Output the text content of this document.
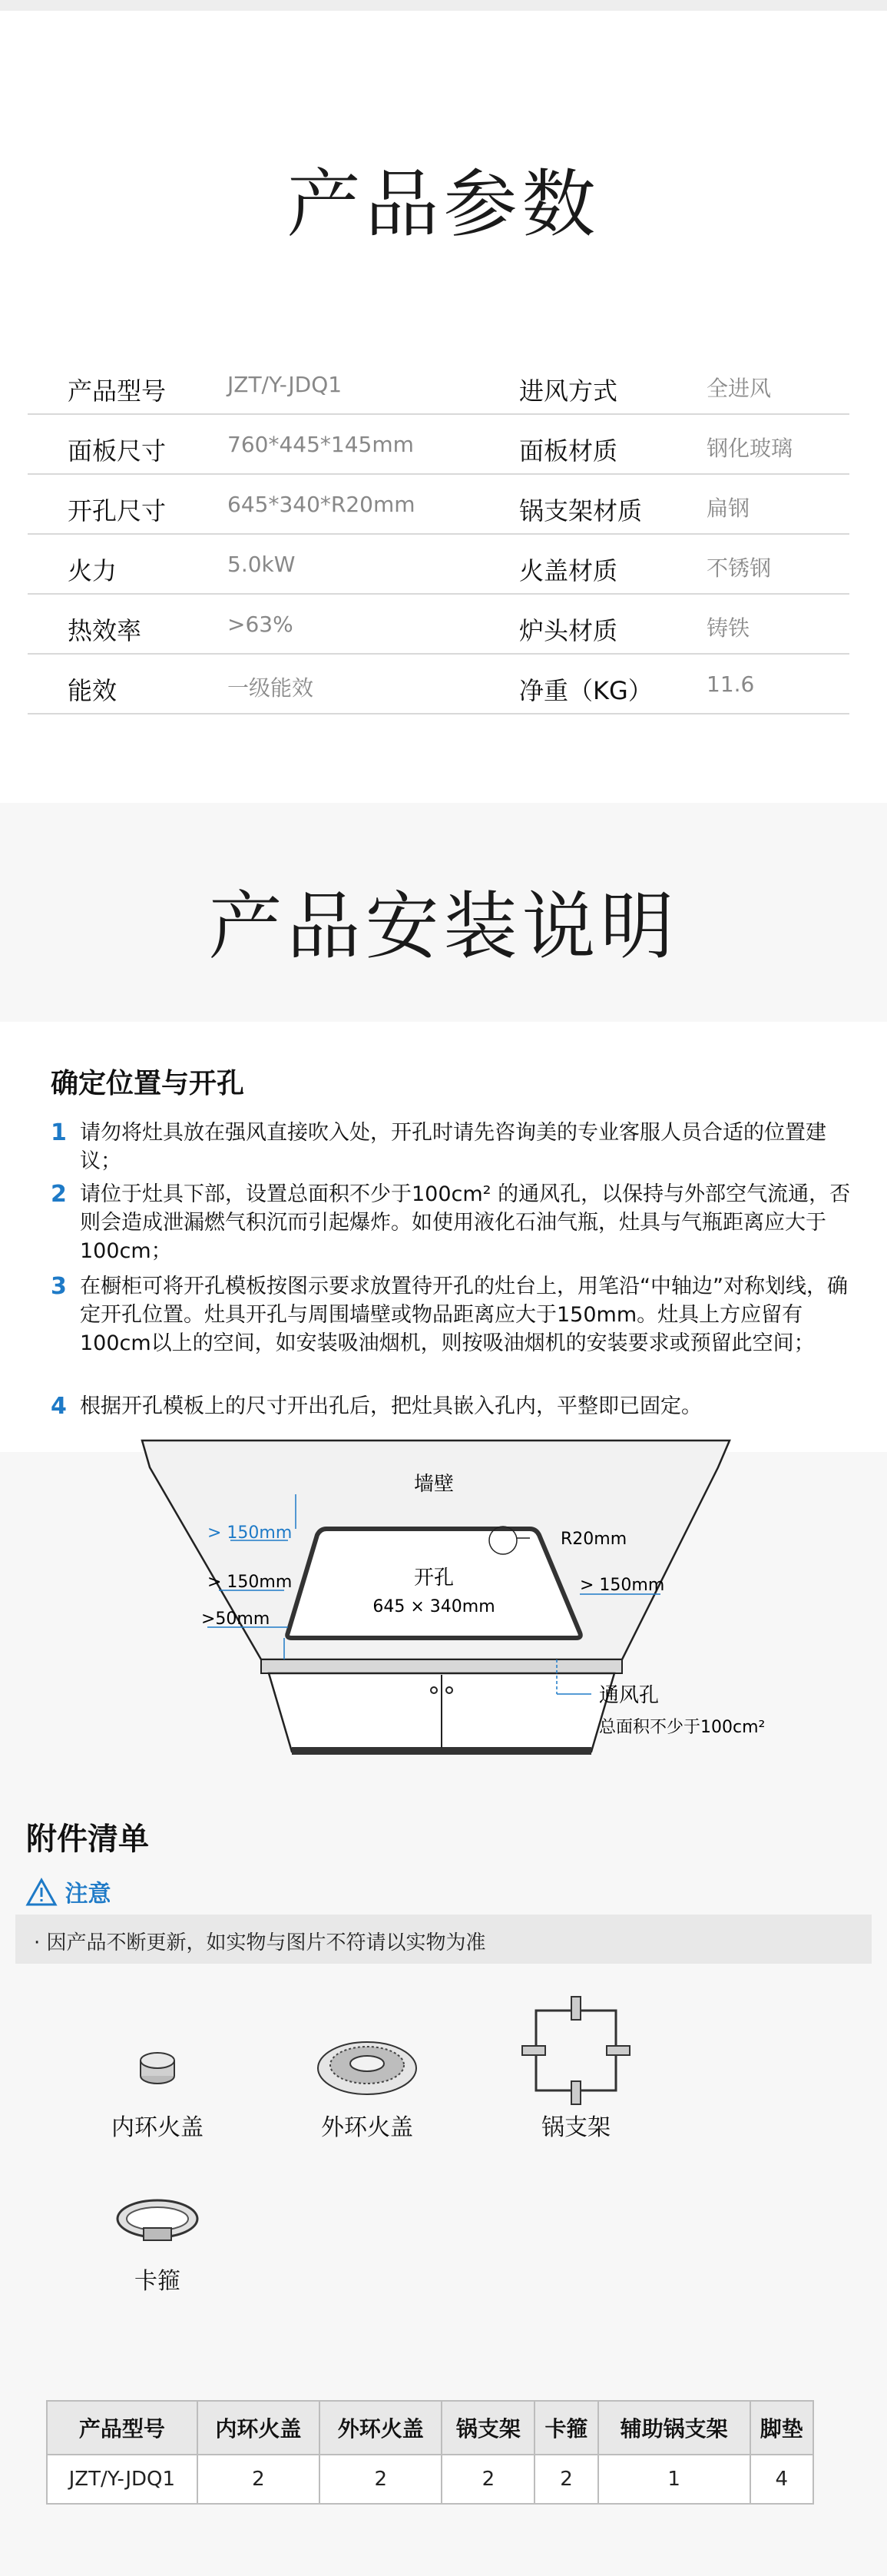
产品参数
产品型号	JZT/Y-JDQ1	进风方式	全进风
面板尺寸	760*445*145mm	面板材质	钢化玻璃
开孔尺寸	645*340*R20mm	锅支架材质	扁钢
火力	5.0kW	火盖材质	不锈钢
热效率	>63%	炉头材质	铸铁
能效	一级能效	净重（KG）	11.6
产品安装说明
确定位置与开孔
1 请勿将灶具放在强风直接吹入处，开孔时请先咨询美的专业客服人员合适的位置建议；
2 请位于灶具下部，设置总面积不少于100cm² 的通风孔，以保持与外部空气流通，否则会造成泄漏燃气积沉而引起爆炸。如使用液化石油气瓶，灶具与气瓶距离应大于100cm；
3 在橱柜可将开孔模板按图示要求放置待开孔的灶台上，用笔沿“中轴边”对称划线，确定开孔位置。灶具开孔与周围墙壁或物品距离应大于150mm。灶具上方应留有100cm以上的空间，如安装吸油烟机，则按吸油烟机的安装要求或预留此空间；
4 根据开孔模板上的尺寸开出孔后，把灶具嵌入孔内，平整即已固定。
墙壁
> 150mm
> 150mm	> 150mm
>50mm
R20mm
开孔
645 × 340mm
通风孔
总面积不少于100cm²
附件清单
注意
· 因产品不断更新，如实物与图片不符请以实物为准
内环火盖	外环火盖	锅支架
卡箍
产品型号	内环火盖	外环火盖	锅支架	卡箍	辅助锅支架	脚垫
JZT/Y-JDQ1	2	2	2	2	1	4
